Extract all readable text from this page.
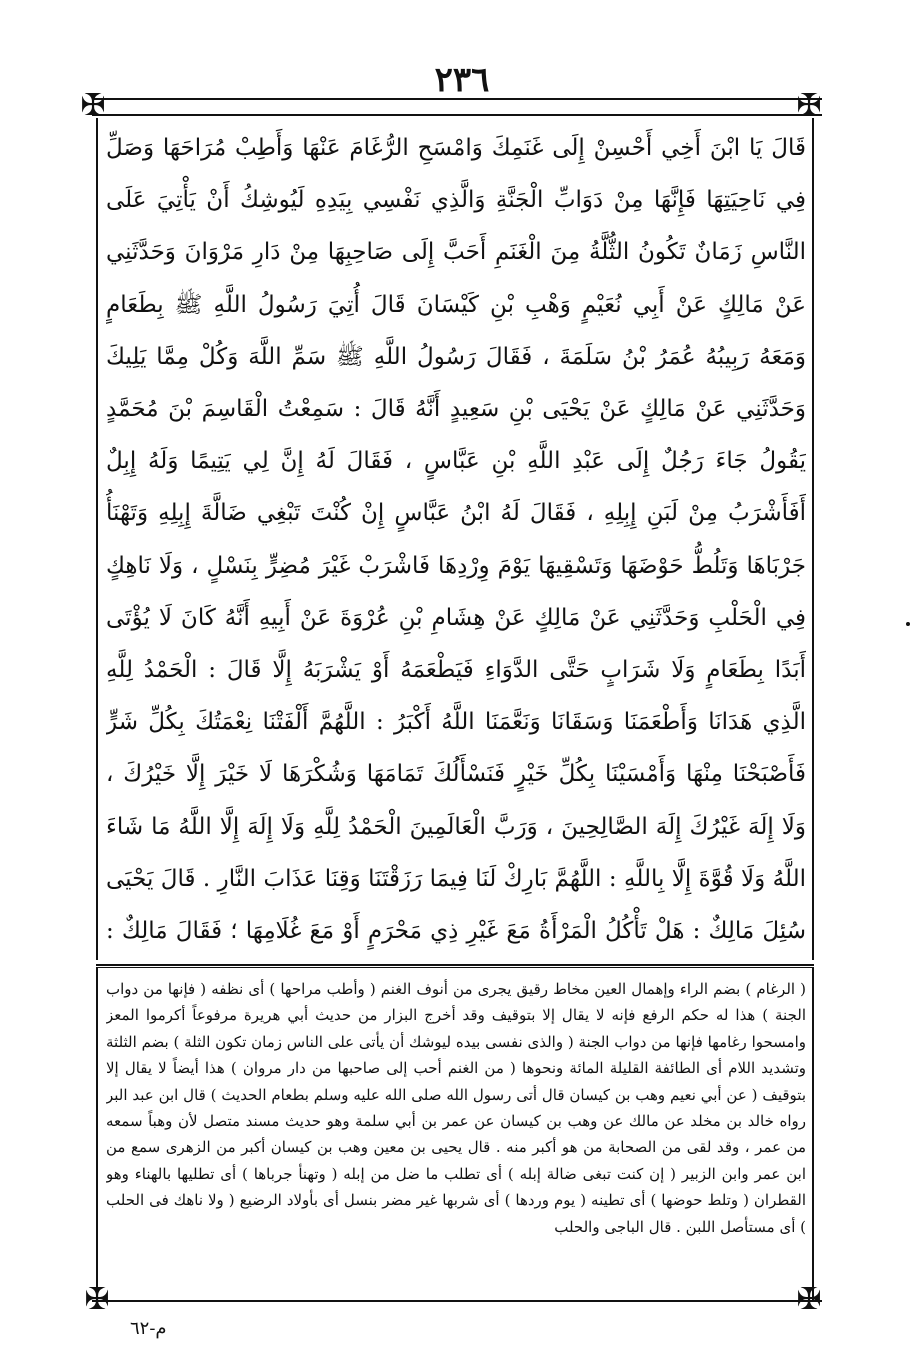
٢٣٦
✠	✠

قَالَ يَا ابْنَ أَخِي أَحْسِنْ إِلَى غَنَمِكَ وَامْسَحِ الرُّغَامَ عَنْهَا وَأَطِبْ مُرَاحَهَا وَصَلِّ فِي نَاحِيَتِهَا فَإِنَّهَا مِنْ دَوَابِّ الْجَنَّةِ وَالَّذِي نَفْسِي بِيَدِهِ لَيُوشِكُ أَنْ يَأْتِيَ عَلَى النَّاسِ زَمَانٌ تَكُونُ الثُّلَّةُ مِنَ الْغَنَمِ أَحَبَّ إِلَى صَاحِبِهَا مِنْ دَارِ مَرْوَانَ وَحَدَّثَنِي عَنْ مَالِكٍ عَنْ أَبِي نُعَيْمٍ وَهْبِ بْنِ كَيْسَانَ قَالَ أُتِيَ رَسُولُ اللَّهِ ﷺ بِطَعَامٍ وَمَعَهُ رَبِيبُهُ عُمَرُ بْنُ سَلَمَةَ ، فَقَالَ رَسُولُ اللَّهِ ﷺ سَمِّ اللَّهَ وَكُلْ مِمَّا يَلِيكَ وَحَدَّثَنِي عَنْ مَالِكٍ عَنْ يَحْيَى بْنِ سَعِيدٍ أَنَّهُ قَالَ : سَمِعْتُ الْقَاسِمَ بْنَ مُحَمَّدٍ يَقُولُ جَاءَ رَجُلٌ إِلَى عَبْدِ اللَّهِ بْنِ عَبَّاسٍ ، فَقَالَ لَهُ إِنَّ لِي يَتِيمًا وَلَهُ إِبِلٌ أَفَأَشْرَبُ مِنْ لَبَنِ إِبِلِهِ ، فَقَالَ لَهُ ابْنُ عَبَّاسٍ إِنْ كُنْتَ تَبْغِي ضَالَّةَ إِبِلِهِ وَتَهْنَأُ جَرْبَاهَا وَتَلُطُّ حَوْضَهَا وَتَسْقِيهَا يَوْمَ وِرْدِهَا فَاشْرَبْ غَيْرَ مُضِرٍّ بِنَسْلٍ ، وَلَا نَاهِكٍ فِي الْحَلْبِ وَحَدَّثَنِي عَنْ مَالِكٍ عَنْ هِشَامِ بْنِ عُرْوَةَ عَنْ أَبِيهِ أَنَّهُ كَانَ لَا يُؤْتَى أَبَدًا بِطَعَامٍ وَلَا شَرَابٍ حَتَّى الدَّوَاءِ فَيَطْعَمَهُ أَوْ يَشْرَبَهُ إِلَّا قَالَ : الْحَمْدُ لِلَّهِ الَّذِي هَدَانَا وَأَطْعَمَنَا وَسَقَانَا وَنَعَّمَنَا اللَّهُ أَكْبَرُ : اللَّهُمَّ أَلْفَتْنَا نِعْمَتُكَ بِكُلِّ شَرٍّ فَأَصْبَحْنَا مِنْهَا وَأَمْسَيْنَا بِكُلِّ خَيْرٍ فَنَسْأَلُكَ تَمَامَهَا وَشُكْرَهَا لَا خَيْرَ إِلَّا خَيْرُكَ ، وَلَا إِلَهَ غَيْرُكَ إِلَهَ الصَّالِحِينَ ، وَرَبَّ الْعَالَمِينَ الْحَمْدُ لِلَّهِ وَلَا إِلَهَ إِلَّا اللَّهُ مَا شَاءَ اللَّهُ وَلَا قُوَّةَ إِلَّا بِاللَّهِ : اللَّهُمَّ بَارِكْ لَنَا فِيمَا رَزَقْتَنَا وَقِنَا عَذَابَ النَّارِ . قَالَ يَحْيَى سُئِلَ مَالِكٌ : هَلْ تَأْكُلُ الْمَرْأَةُ مَعَ غَيْرِ ذِي مَحْرَمٍ أَوْ مَعَ غُلَامِهَا ؛ فَقَالَ مَالِكٌ :

( الرغام ) بضم الراء وإهمال العين مخاط رقيق يجرى من أنوف الغنم ( وأطب مراحها ) أى نظفه ( فإنها من دواب الجنة ) هذا له حكم الرفع فإنه لا يقال إلا بتوقيف وقد أخرج البزار من حديث أبي هريرة مرفوعاً أكرموا المعز وامسحوا رغامها فإنها من دواب الجنة ( والذى نفسى بيده ليوشك أن يأتى على الناس زمان تكون الثلة ) بضم الثلثة وتشديد اللام أى الطائفة القليلة المائة ونحوها ( من الغنم أحب إلى صاحبها من دار مروان ) هذا أيضاً لا يقال إلا بتوقيف ( عن أبي نعيم وهب بن كيسان قال أتى رسول الله صلى الله عليه وسلم بطعام الحديث ) قال ابن عبد البر رواه خالد بن مخلد عن مالك عن وهب بن كيسان عن عمر بن أبي سلمة وهو حديث مسند متصل لأن وهباً سمعه من عمر ، وقد لقى من الصحابة من هو أكبر منه . قال يحيى بن معين وهب بن كيسان أكبر من الزهرى سمع من ابن عمر وابن الزبير ( إن كنت تبغى ضالة إبله ) أى تطلب ما ضل من إبله ( وتهنأ جرباها ) أى تطليها بالهناء وهو القطران ( وتلط حوضها ) أى تطينه ( يوم وردها ) أى شربها غير مضر بنسل أى بأولاد الرضيع ( ولا ناهك فى الحلب ) أى مستأصل اللبن . قال الباجى والحلب

✠	✠
م-٦٢
